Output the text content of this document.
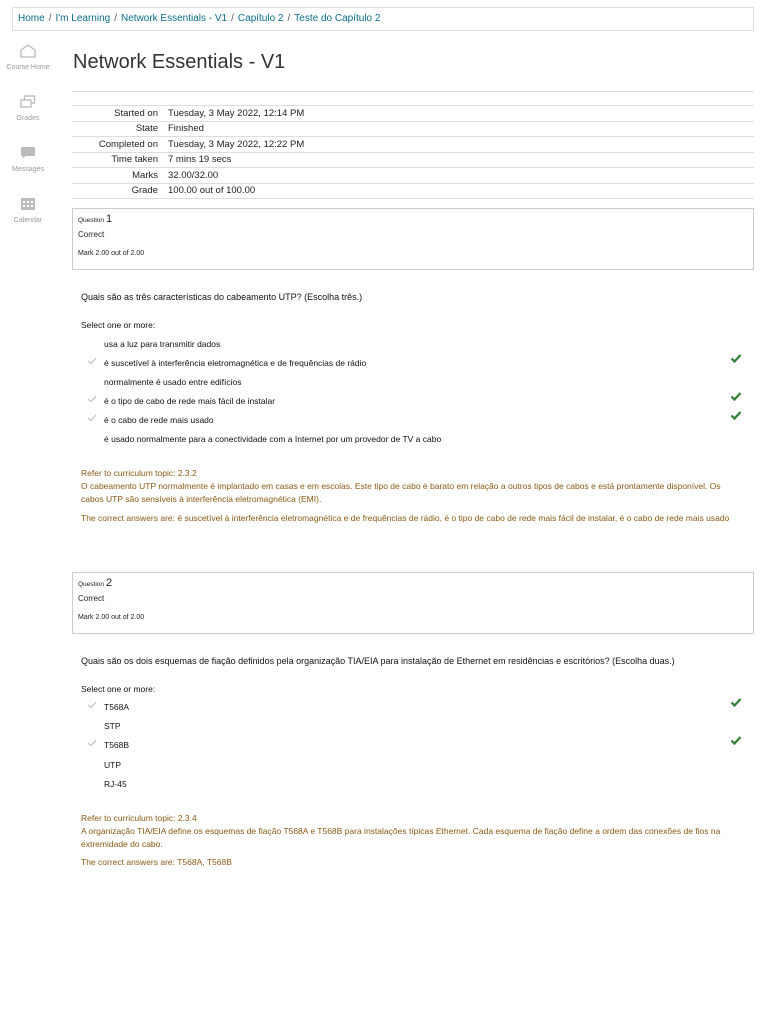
Home / I'm Learning / Network Essentials - V1 / Capítulo 2 / Teste do Capítulo 2
Course Home
Grades
Messages
Calendar
Network Essentials - V1
Started on	Tuesday, 3 May 2022, 12:14 PM
State	Finished
Completed on	Tuesday, 3 May 2022, 12:22 PM
Time taken	7 mins 19 secs
Marks	32.00/32.00
Grade	100.00 out of 100.00
Question 1
Correct
Mark 2.00 out of 2.00
Quais são as três características do cabeamento UTP? (Escolha três.)
Select one or more:
usa a luz para transmitir dados
é suscetível à interferência eletromagnética e de frequências de rádio
normalmente é usado entre edifícios
é o tipo de cabo de rede mais fácil de instalar
é o cabo de rede mais usado
é usado normalmente para a conectividade com a Internet por um provedor de TV a cabo
Refer to curriculum topic: 2.3.2
O cabeamento UTP normalmente é implantado em casas e em escolas. Este tipo de cabo é barato em relação a outros tipos de cabos e está prontamente disponível. Os cabos UTP são sensíveis à interferência eletromagnética (EMI).
The correct answers are: é suscetível à interferência eletromagnética e de frequências de rádio, é o tipo de cabo de rede mais fácil de instalar, é o cabo de rede mais usado
Question 2
Correct
Mark 2.00 out of 2.00
Quais são os dois esquemas de fiação definidos pela organização TIA/EIA para instalação de Ethernet em residências e escritórios? (Escolha duas.)
Select one or more:
T568A
STP
T568B
UTP
RJ-45
Refer to curriculum topic: 2.3.4
A organização TIA/EIA define os esquemas de fiação T568A e T568B para instalações típicas Ethernet. Cada esquema de fiação define a ordem das conexões de fios na extremidade do cabo.
The correct answers are: T568A, T568B
